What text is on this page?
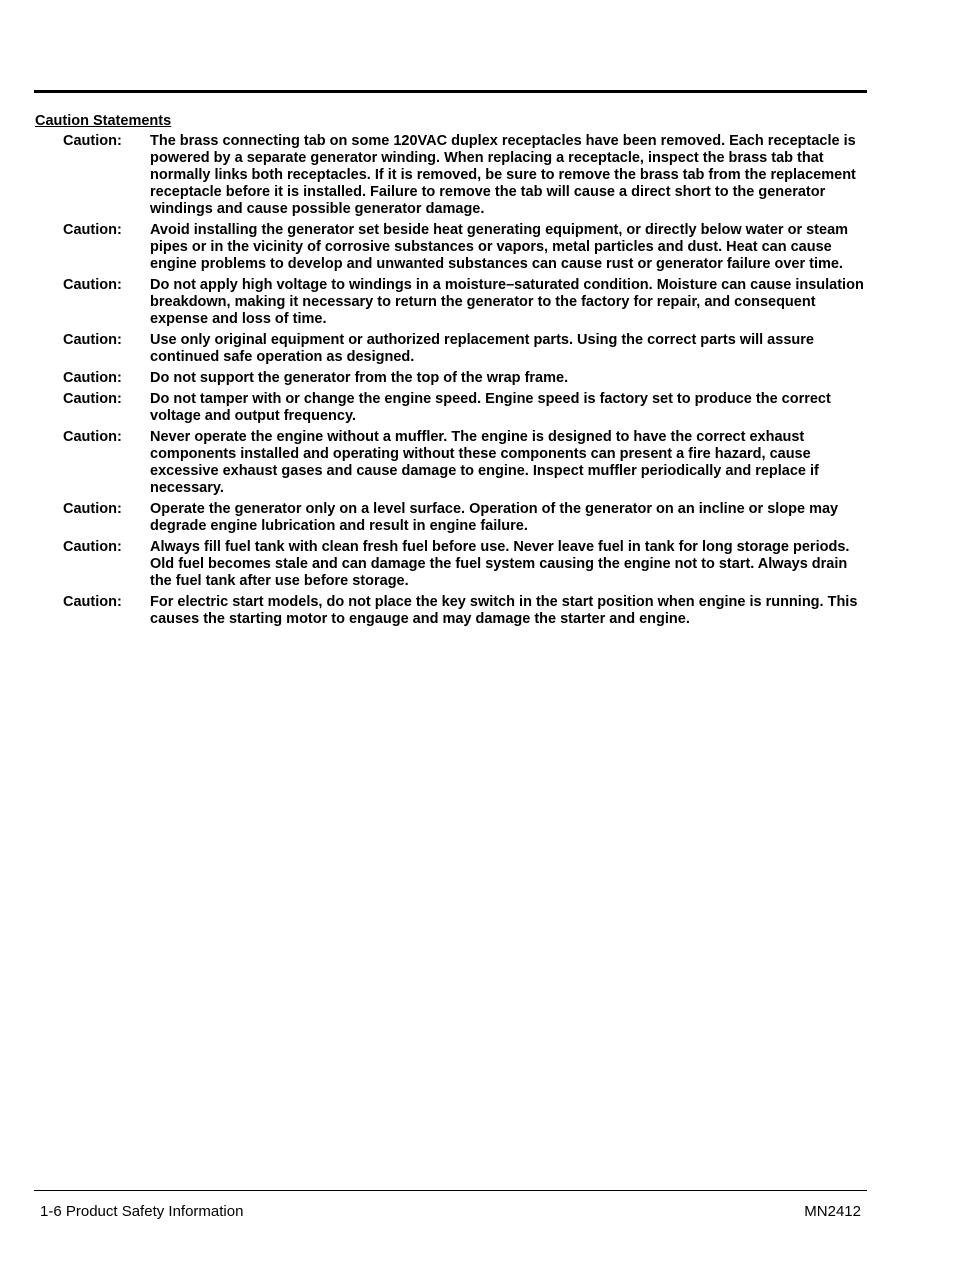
Caution Statements
Caution:	The brass connecting tab on some 120VAC duplex receptacles have been removed. Each receptacle is powered by a separate generator winding. When replacing a receptacle, inspect the brass tab that normally links both receptacles. If it is removed, be sure to remove the brass tab from the replacement receptacle before it is installed. Failure to remove the tab will cause a direct short to the generator windings and cause possible generator damage.
Caution:	Avoid installing the generator set beside heat generating equipment, or directly below water or steam pipes or in the vicinity of corrosive substances or vapors, metal particles and dust. Heat can cause engine problems to develop and unwanted substances can cause rust or generator failure over time.
Caution:	Do not apply high voltage to windings in a moisture–saturated condition. Moisture can cause insulation breakdown, making it necessary to return the generator to the factory for repair, and consequent expense and loss of time.
Caution:	Use only original equipment or authorized replacement parts. Using the correct parts will assure continued safe operation as designed.
Caution:	Do not support the generator from the top of the wrap frame.
Caution:	Do not tamper with or change the engine speed. Engine speed is factory set to produce the correct voltage and output frequency.
Caution:	Never operate the engine without a muffler. The engine is designed to have the correct exhaust components installed and operating without these components can present a fire hazard, cause excessive exhaust gases and cause damage to engine. Inspect muffler periodically and replace if necessary.
Caution:	Operate the generator only on a level surface. Operation of the generator on an incline or slope may degrade engine lubrication and result in engine failure.
Caution:	Always fill fuel tank with clean fresh fuel before use. Never leave fuel in tank for long storage periods. Old fuel becomes stale and can damage the fuel system causing the engine not to start. Always drain the fuel tank after use before storage.
Caution:	For electric start models, do not place the key switch in the start position when engine is running. This causes the starting motor to engauge and may damage the starter and engine.
1-6 Product Safety Information	MN2412
